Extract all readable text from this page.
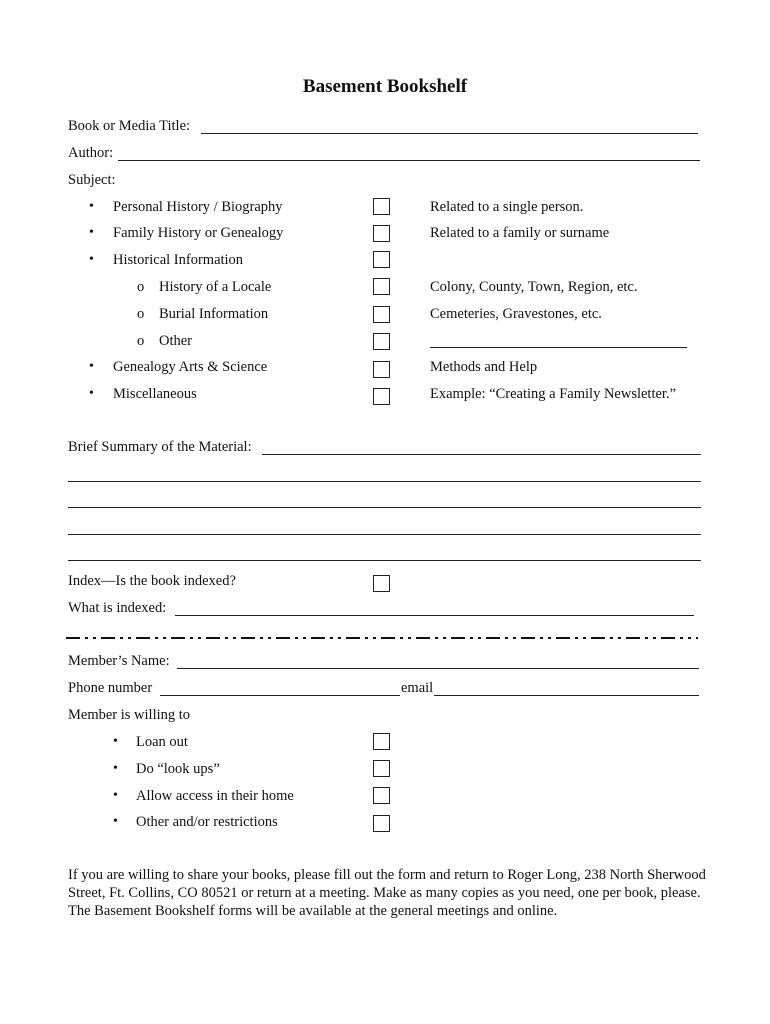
Basement Bookshelf
Book or Media Title:
Author:
Subject:
• Personal History / Biography	Related to a single person.
• Family History or Genealogy	Related to a family or surname
• Historical Information
o History of a Locale	Colony, County, Town, Region, etc.
o Burial Information	Cemeteries, Gravestones, etc.
o Other
• Genealogy Arts & Science	Methods and Help
• Miscellaneous	Example: “Creating a Family Newsletter.”
Brief Summary of the Material:
Index—Is the book indexed?
What is indexed:
Member’s Name:
Phone number	email
Member is willing to
• Loan out
• Do “look ups”
• Allow access in their home
• Other and/or restrictions
If you are willing to share your books, please fill out the form and return to Roger Long, 238 North Sherwood Street, Ft. Collins, CO 80521 or return at a meeting. Make as many copies as you need, one per book, please. The Basement Bookshelf forms will be available at the general meetings and online.
